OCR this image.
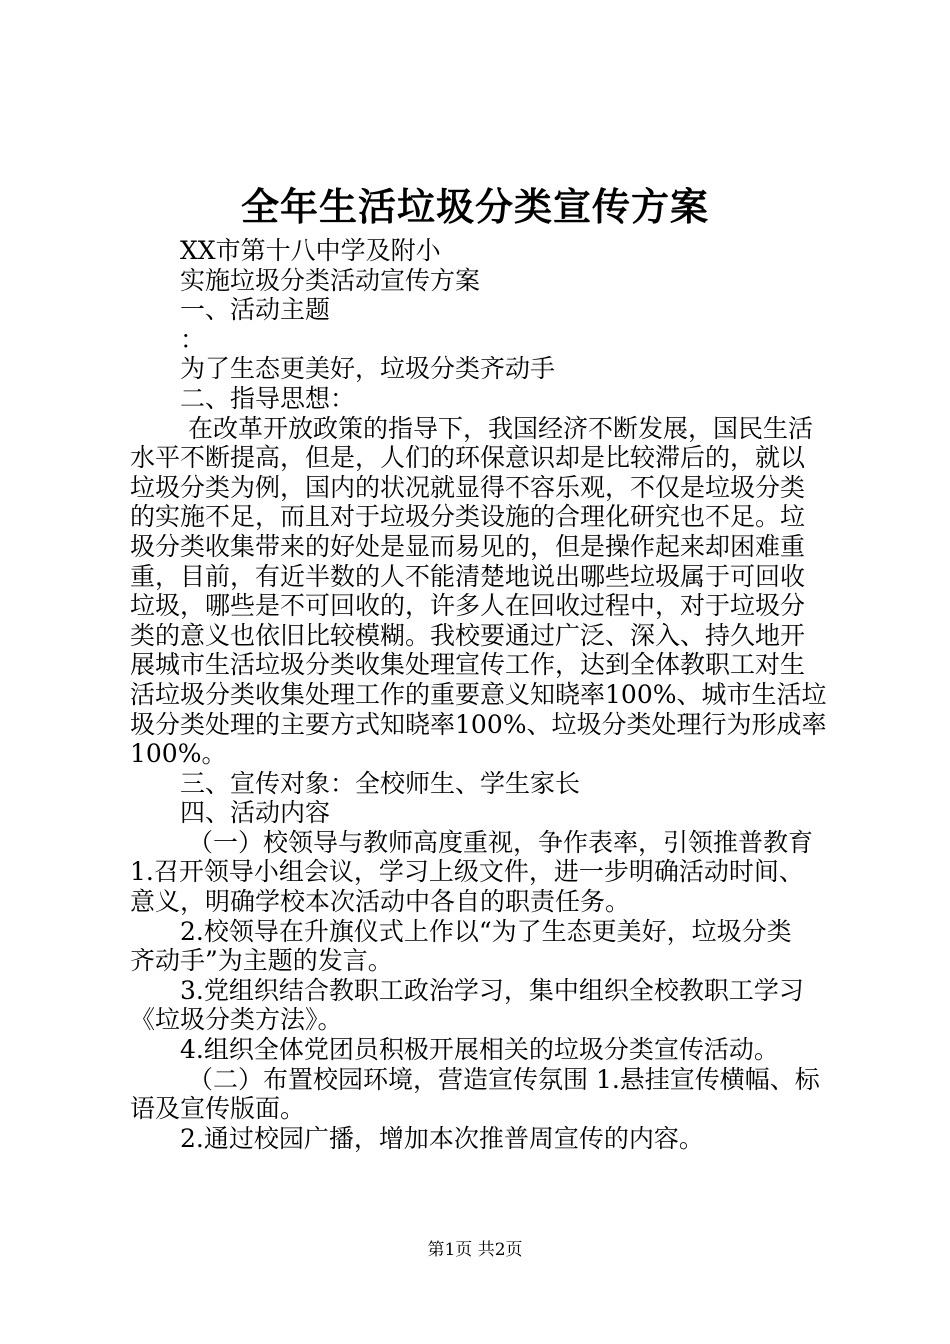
全年生活垃圾分类宣传方案

XX市第十八中学及附小

实施垃圾分类活动宣传方案

一、活动主题

：

为了生态更美好，垃圾分类齐动手

二、指导思想：

在改革开放政策的指导下，我国经济不断发展，国民生活

水平不断提高，但是，人们的环保意识却是比较滞后的，就以

垃圾分类为例，国内的状况就显得不容乐观，不仅是垃圾分类

的实施不足，而且对于垃圾分类设施的合理化研究也不足。垃

圾分类收集带来的好处是显而易见的，但是操作起来却困难重

重，目前，有近半数的人不能清楚地说出哪些垃圾属于可回收

垃圾，哪些是不可回收的，许多人在回收过程中，对于垃圾分

类的意义也依旧比较模糊。我校要通过广泛、深入、持久地开

展城市生活垃圾分类收集处理宣传工作，达到全体教职工对生

活垃圾分类收集处理工作的重要意义知晓率100%、城市生活垃

圾分类处理的主要方式知晓率100%、垃圾分类处理行为形成率

100%。

三、宣传对象：全校师生、学生家长

四、活动内容

（一）校领导与教师高度重视，争作表率，引领推普教育

1.召开领导小组会议，学习上级文件，进一步明确活动时间、

意义，明确学校本次活动中各自的职责任务。

2.校领导在升旗仪式上作以“为了生态更美好，垃圾分类

齐动手”为主题的发言。

3.党组织结合教职工政治学习，集中组织全校教职工学习

《垃圾分类方法》。

4.组织全体党团员积极开展相关的垃圾分类宣传活动。

（二）布置校园环境，营造宣传氛围 1.悬挂宣传横幅、标

语及宣传版面。

2.通过校园广播，增加本次推普周宣传的内容。

第1页 共2页
